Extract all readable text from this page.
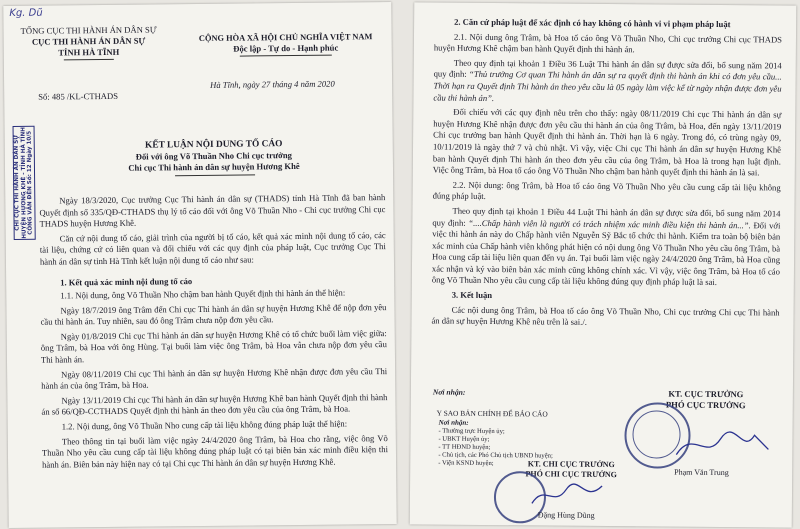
Kg. Dũ
TỔNG CỤC THI HÀNH ÁN DÂN SỰ
CỤC THI HÀNH ÁN DÂN SỰ
TỈNH HÀ TĨNH
CỘNG HÒA XÃ HỘI CHỦ NGHĨA VIỆT NAM
Độc lập - Tự do - Hạnh phúc
Số: 485 /KL-CTHADS
Hà Tĩnh, ngày 27 tháng 4 năm 2020
KẾT LUẬN NỘI DUNG TỐ CÁO
Đối với ông Võ Thuần Nho Chi cục trưởng
Chi cục Thi hành án dân sự huyện Hương Khê
CHI CỤC THI HÀNH ÁN DÂN SỰ HUYỆN HƯƠNG KHÊ - TỈNH HÀ TĨNH CÔNG VĂN ĐẾN Số: 12 Ngày 10/5	Ngày 18/3/2020, Cục trưởng Cục Thi hành án dân sự (THADS) tỉnh Hà Tĩnh đã ban hành Quyết định số 335/QĐ-CTHADS thụ lý tố cáo đối với ông Võ Thuần Nho - Chi cục trưởng Chi cục THADS huyện Hương Khê.

Căn cứ nội dung tố cáo, giải trình của người bị tố cáo, kết quả xác minh nội dung tố cáo, các tài liệu, chứng cứ có liên quan và đối chiếu với các quy định của pháp luật, Cục trưởng Cục Thi hành án dân sự tỉnh Hà Tĩnh kết luận nội dung tố cáo như sau:

1. Kết quả xác minh nội dung tố cáo

1.1. Nội dung, ông Võ Thuần Nho chậm ban hành Quyết định thi hành án thể hiện:

Ngày 18/7/2019 ông Trâm đến Chi cục Thi hành án dân sự huyện Hương Khê để nộp đơn yêu cầu thi hành án. Tuy nhiên, sau đó ông Trâm chưa nộp đơn yêu cầu.

Ngày 01/8/2019 Chi cục Thi hành án dân sự huyện Hương Khê có tổ chức buổi làm việc giữa: ông Trâm, bà Hoa với ông Hùng. Tại buổi làm việc ông Trâm, bà Hoa vẫn chưa nộp đơn yêu cầu Thi hành án.

Ngày 08/11/2019 Chi cục Thi hành án dân sự huyện Hương Khê nhận được đơn yêu cầu Thi hành án của ông Trâm, bà Hoa.

Ngày 13/11/2019 Chi cục Thi hành án dân sự huyện Hương Khê ban hành Quyết định thi hành án số 66/QĐ-CCTHADS Quyết định thi hành án theo đơn yêu cầu của ông Trâm, bà Hoa.

1.2. Nội dung, ông Võ Thuần Nho cung cấp tài liệu không đúng pháp luật thể hiện:

Theo thông tin tại buổi làm việc ngày 24/4/2020 ông Trâm, bà Hoa cho rằng, việc ông Võ Thuần Nho yêu cầu cung cấp tài liệu không đúng pháp luật có tại biên bản xác minh điều kiện thi hành án. Biên bản này hiện nay có tại Chi cục Thi hành án dân sự huyện Hương Khê.

2. Căn cứ pháp luật để xác định có hay không có hành vi vi phạm pháp luật

2.1. Nội dung ông Trâm, bà Hoa tố cáo ông Võ Thuần Nho, Chi cục trưởng Chi cục THADS huyện Hương Khê chậm ban hành Quyết định thi hành án.

Theo quy định tại khoản 1 Điều 36 Luật Thi hành án dân sự được sửa đổi, bổ sung năm 2014 quy định: “Thủ trưởng Cơ quan Thi hành án dân sự ra quyết định thi hành án khi có đơn yêu cầu... Thời hạn ra Quyết định Thi hành án theo yêu cầu là 05 ngày làm việc kể từ ngày nhận được đơn yêu cầu thi hành án”.

Đối chiếu với các quy định nêu trên cho thấy: ngày 08/11/2019 Chi cục Thi hành án dân sự huyện Hương Khê nhận được đơn yêu cầu thi hành án của ông Trâm, bà Hoa, đến ngày 13/11/2019 Chi cục trưởng ban hành Quyết định thi hành án. Thời hạn là 6 ngày. Trong đó, có trùng ngày 09, 10/11/2019 là ngày thứ 7 và chủ nhật. Vì vậy, việc Chi cục Thi hành án dân sự huyện Hương Khê ban hành Quyết định Thi hành án theo đơn yêu cầu của ông Trâm, bà Hoa là trong hạn luật định. Việc ông Trâm, bà Hoa tố cáo ông Võ Thuần Nho chậm ban hành quyết định thi hành án là sai.

2.2. Nội dung: ông Trâm, bà Hoa tố cáo ông Võ Thuần Nho yêu cầu cung cấp tài liệu không đúng pháp luật.

Theo quy định tại khoản 1 Điều 44 Luật Thi hành án dân sự được sửa đổi, bổ sung năm 2014 quy định: “....Chấp hành viên là người có trách nhiệm xác minh điều kiện thi hành án...”. Đối với việc thi hành án này do Chấp hành viên Nguyễn Sỹ Bắc tổ chức thi hành. Kiểm tra toàn bộ biên bản xác minh của Chấp hành viên không phát hiện có nội dung ông Võ Thuần Nho yêu cầu ông Trâm, bà Hoa cung cấp tài liệu liên quan đến vụ án. Tại buổi làm việc ngày 24/4/2020 ông Trâm, bà Hoa cũng xác nhận và ký vào biên bản xác minh cũng không chính xác. Vì vậy, việc ông Trâm, bà Hoa tố cáo ông Võ Thuần Nho yêu cầu cung cấp tài liệu không đúng quy định pháp luật là sai.

3. Kết luận

Các nội dung ông Trâm, bà Hoa tố cáo ông Võ Thuần Nho, Chi cục trưởng Chi cục Thi hành án dân sự huyện Hương Khê nêu trên là sai./.

Nơi nhận:	KT. CỤC TRƯỞNG
PHÓ CỤC TRƯỞNG
Phạm Văn Trung
Y SAO BẢN CHÍNH ĐỂ BÁO CÁO
Nơi nhận:
- Thường trực Huyện ủy;
- UBKT Huyện ủy;
- TT HĐND huyện;
- Chủ tịch, các Phó Chủ tịch UBND huyện;
- Viện KSND huyện;	KT. CHI CỤC TRƯỞNG
PHÓ CHI CỤC TRƯỞNG
Đặng Hùng Dũng
